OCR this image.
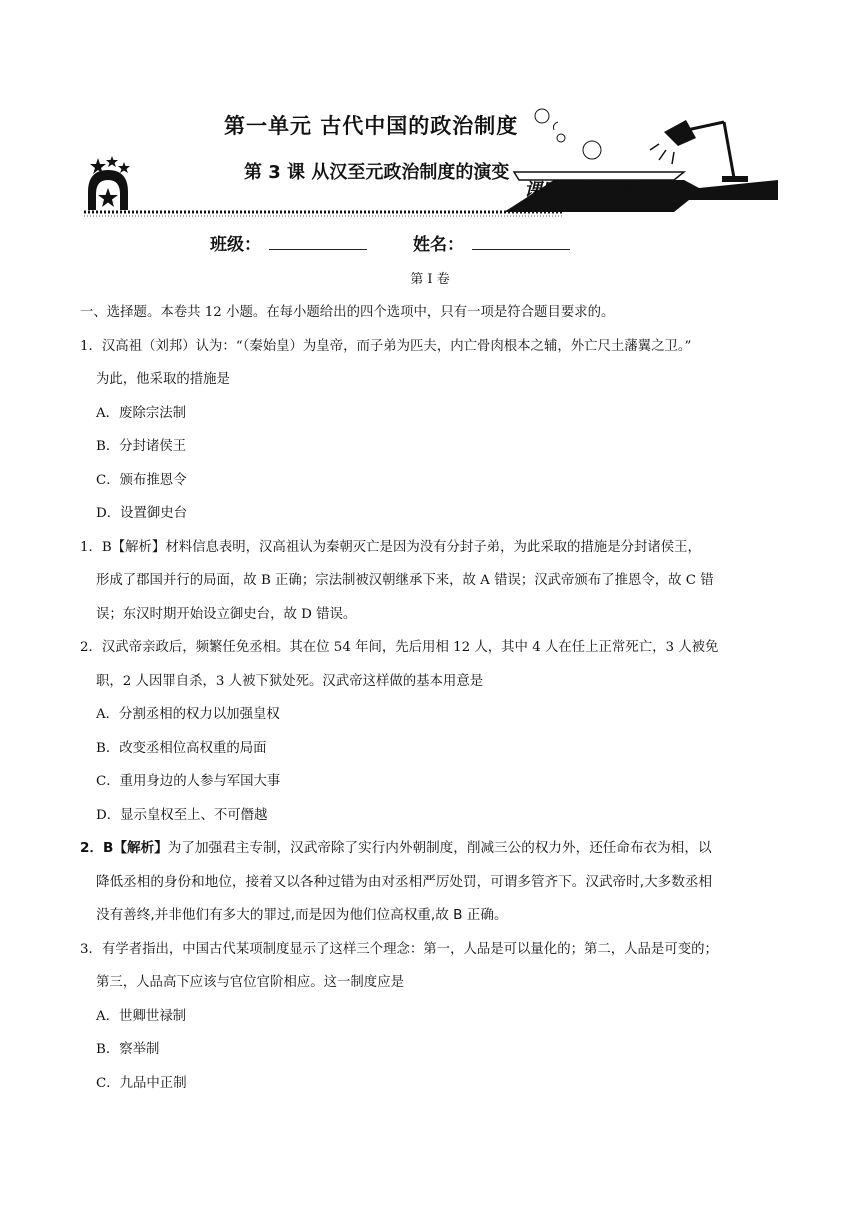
第一单元 古代中国的政治制度
第 3 课 从汉至元政治制度的演变
课时同步检测
班级：	姓名：
第 I 卷
一、选择题。本卷共 12 小题。在每小题给出的四个选项中，只有一项是符合题目要求的。
1．汉高祖（刘邦）认为：“（秦始皇）为皇帝，而子弟为匹夫，内亡骨肉根本之辅，外亡尺土藩翼之卫。”
为此，他采取的措施是
A．废除宗法制
B．分封诸侯王
C．颁布推恩令
D．设置御史台
1．B【解析】材料信息表明，汉高祖认为秦朝灭亡是因为没有分封子弟，为此采取的措施是分封诸侯王，
形成了郡国并行的局面，故 B 正确；宗法制被汉朝继承下来，故 A 错误；汉武帝颁布了推恩令，故 C 错
误；东汉时期开始设立御史台，故 D 错误。
2．汉武帝亲政后，频繁任免丞相。其在位 54 年间，先后用相 12 人，其中 4 人在任上正常死亡，3 人被免
职，2 人因罪自杀，3 人被下狱处死。汉武帝这样做的基本用意是
A．分割丞相的权力以加强皇权
B．改变丞相位高权重的局面
C．重用身边的人参与军国大事
D．显示皇权至上、不可僭越
2．B【解析】为了加强君主专制，汉武帝除了实行内外朝制度，削减三公的权力外，还任命布衣为相，以
降低丞相的身份和地位，接着又以各种过错为由对丞相严厉处罚，可谓多管齐下。汉武帝时,大多数丞相
没有善终,并非他们有多大的罪过,而是因为他们位高权重,故 B 正确。
3．有学者指出，中国古代某项制度显示了这样三个理念：第一，人品是可以量化的；第二，人品是可变的；
第三，人品高下应该与官位官阶相应。这一制度应是
A．世卿世禄制
B．察举制
C．九品中正制
